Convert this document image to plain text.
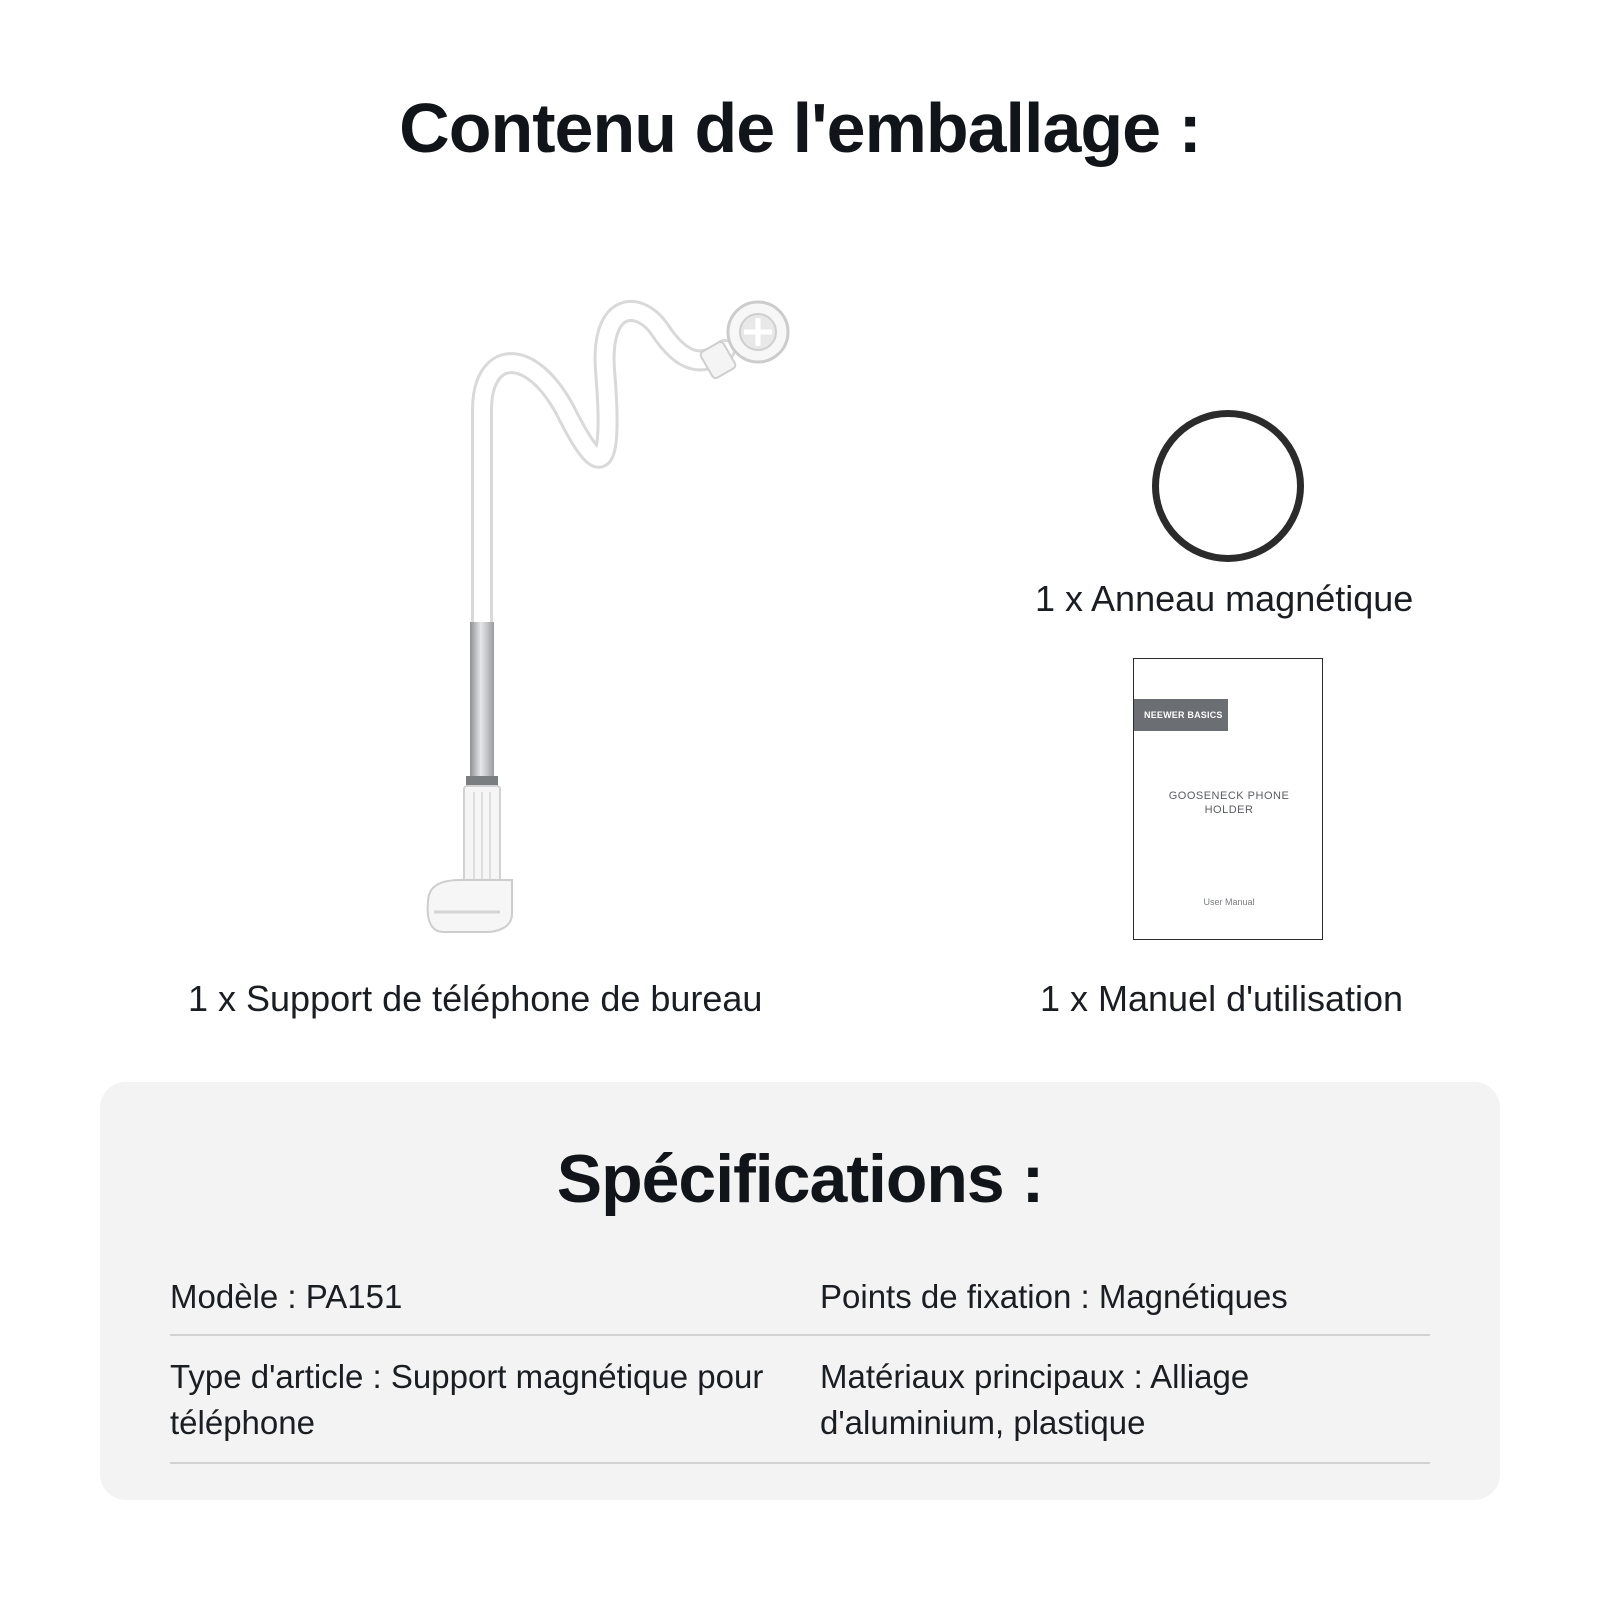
Contenu de l'emballage :
1 x Anneau magnétique
NEEWER BASICS
GOOSENECK PHONE HOLDER
User Manual
1 x Support de téléphone de bureau	1 x Manuel d'utilisation
Spécifications :
Modèle : PA151	Points de fixation : Magnétiques
Type d'article : Support magnétique pour téléphone
Matériaux principaux : Alliage d'aluminium, plastique
